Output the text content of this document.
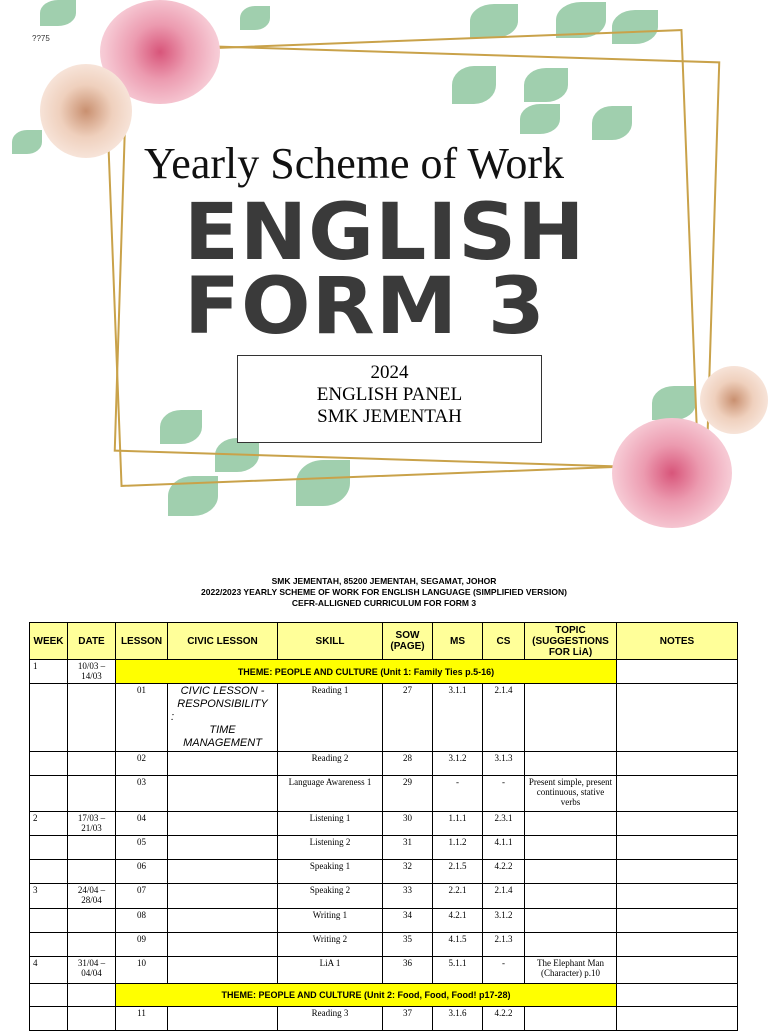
??75
Yearly Scheme of Work
ENGLISH
FORM 3
2024
ENGLISH PANEL
SMK JEMENTAH
SMK JEMENTAH, 85200 JEMENTAH, SEGAMAT, JOHOR
2022/2023 YEARLY SCHEME OF WORK FOR ENGLISH LANGUAGE (SIMPLIFIED VERSION)
CEFR-ALLIGNED CURRICULUM FOR FORM 3
WEEK	DATE	LESSON	CIVIC LESSON	SKILL	SOW (PAGE)	MS	CS	TOPIC (SUGGESTIONS FOR LiA)	NOTES
1	10/03 – 14/03	THEME: PEOPLE AND CULTURE (Unit 1: Family Ties p.5-16)							
		01	CIVIC LESSON -
RESPONSIBILITY
:
TIME
MANAGEMENT	Reading 1	27	3.1.1	2.1.4		
		02		Reading 2	28	3.1.2	3.1.3		
		03		Language Awareness 1	29	-	-	Present simple, present continuous, stative verbs	
2	17/03 – 21/03	04		Listening 1	30	1.1.1	2.3.1		
		05		Listening 2	31	1.1.2	4.1.1		
		06		Speaking 1	32	2.1.5	4.2.2		
3	24/04 – 28/04	07		Speaking 2	33	2.2.1	2.1.4		
		08		Writing 1	34	4.2.1	3.1.2		
		09		Writing 2	35	4.1.5	2.1.3		
4	31/04 – 04/04	10		LiA 1	36	5.1.1	-	The Elephant Man (Character) p.10	
		THEME: PEOPLE AND CULTURE (Unit 2: Food, Food, Food! p17-28)							
		11		Reading 3	37	3.1.6	4.2.2		
